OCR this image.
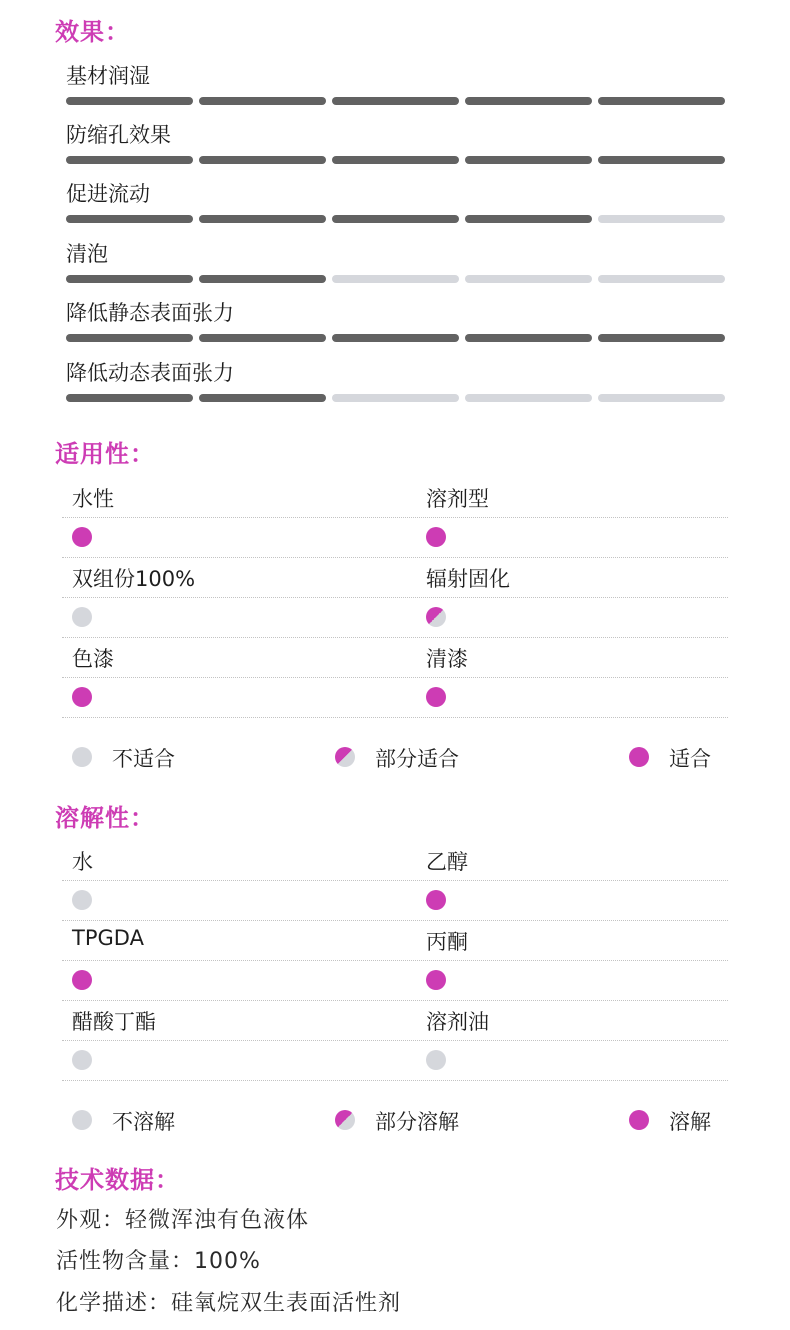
效果：
基材润湿
防缩孔效果
促进流动
清泡
降低静态表面张力
降低动态表面张力
适用性：
水性	溶剂型
双组份100%	辐射固化
色漆	清漆
不适合	部分适合	适合
溶解性：
水	乙醇
TPGDA	丙酮
醋酸丁酯	溶剂油
不溶解	部分溶解	溶解
技术数据：
外观：轻微浑浊有色液体
活性物含量：100%
化学描述：硅氧烷双生表面活性剂
